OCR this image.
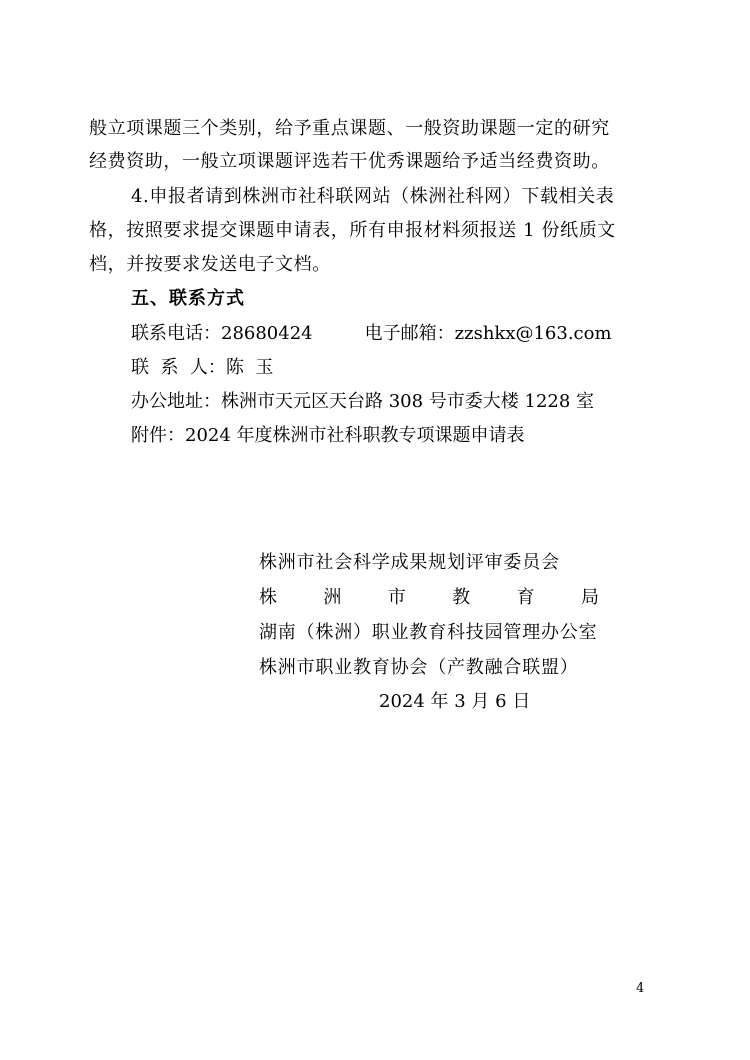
般立项课题三个类别，给予重点课题、一般资助课题一定的研究
经费资助，一般立项课题评选若干优秀课题给予适当经费资助。
4.申报者请到株洲市社科联网站（株洲社科网）下载相关表
格，按照要求提交课题申请表，所有申报材料须报送 1 份纸质文
档，并按要求发送电子文档。
五、联系方式
联系电话：28680424	电子邮箱：zzshkx@163.com
联  系  人：陈  玉
办公地址：株洲市天元区天台路 308 号市委大楼 1228 室
附件：2024 年度株洲市社科职教专项课题申请表
株洲市社会科学成果规划评审委员会
株	洲	市	教	育	局
湖南（株洲）职业教育科技园管理办公室
株洲市职业教育协会（产教融合联盟）
2024 年 3 月 6 日
4
